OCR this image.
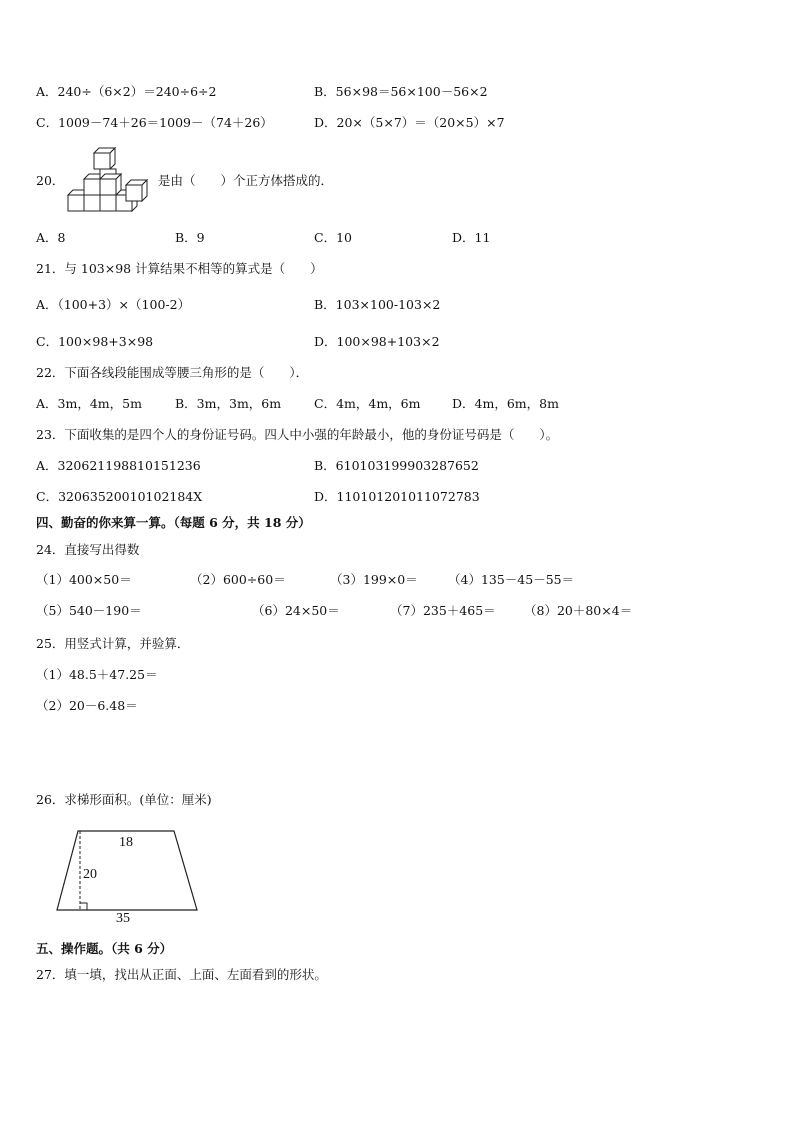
A．240÷（6×2）＝240÷6÷2	B．56×98＝56×100－56×2
C．1009－74＋26＝1009－（74＋26）	D．20×（5×7）＝（20×5）×7
20．	是由（　　）个正方体搭成的．
A．8	B．9	C．10	D．11
21．与 103×98 计算结果不相等的算式是（　　）
A．（100+3）×（100-2）	B．103×100-103×2
C．100×98+3×98	D．100×98+103×2
22．下面各线段能围成等腰三角形的是（　　）．
A．3m，4m，5m	B．3m，3m，6m	C．4m，4m，6m	D．4m，6m，8m
23．下面收集的是四个人的身份证号码。四人中小强的年龄最小，他的身份证号码是（　　）。
A．320621198810151236	B．610103199903287652
C．32063520010102184X	D．110101201011072783
四、勤奋的你来算一算。（每题 6 分，共 18 分）
24．直接写出得数
（1）400×50＝	（2）600÷60＝	（3）199×0＝ （4）135－45－55＝
（5）540－190＝	（6）24×50＝	（7）235＋465＝ （8）20＋80×4＝
25．用竖式计算，并验算．
（1）48.5＋47.25＝
（2）20－6.48＝
26．求梯形面积。(单位：厘米)
18
20
35
五、操作题。（共 6 分）
27．填一填，找出从正面、上面、左面看到的形状。
